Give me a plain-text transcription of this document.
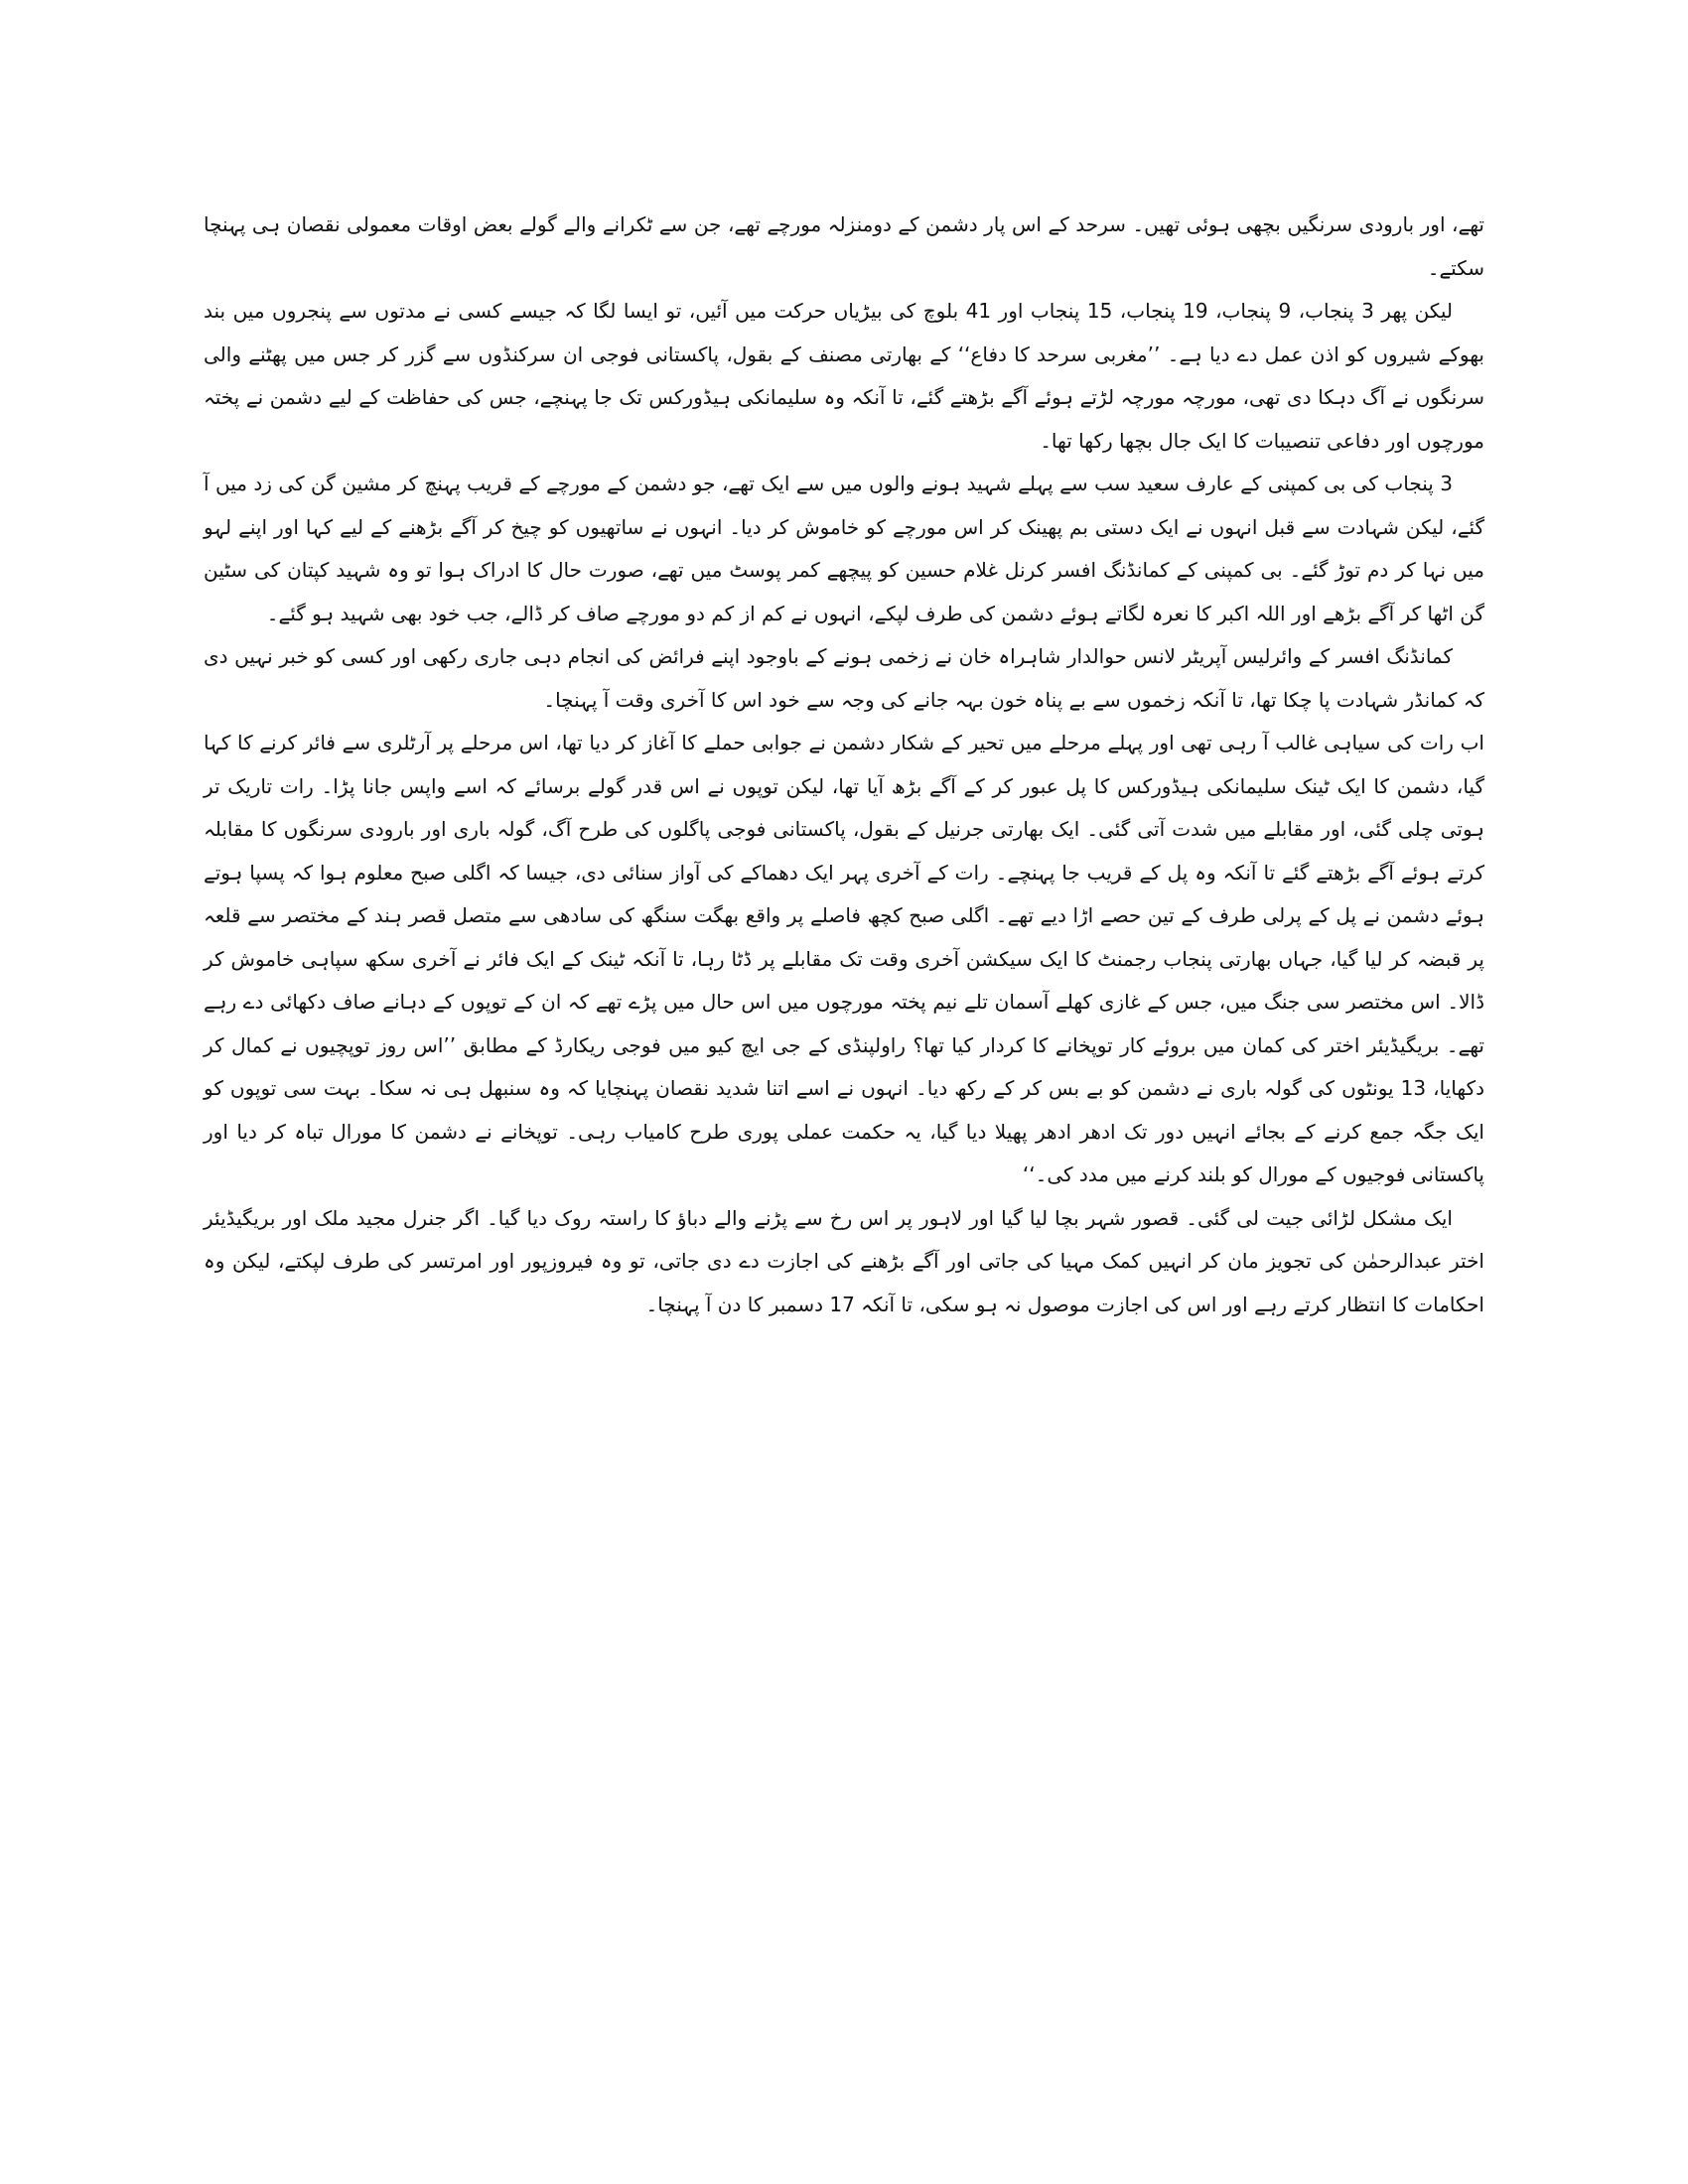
تھے، اور بارودی سرنگیں بچھی ہوئی تھیں۔ سرحد کے اس پار دشمن کے دومنزلہ مورچے تھے، جن سے ٹکرانے والے گولے بعض اوقات معمولی نقصان ہی پہنچا سکتے۔

لیکن پھر 3 پنجاب، 9 پنجاب، 19 پنجاب، 15 پنجاب اور 41 بلوچ کی بیڑیاں حرکت میں آئیں، تو ایسا لگا کہ جیسے کسی نے مدتوں سے پنجروں میں بند بھوکے شیروں کو اذن عمل دے دیا ہے۔ ’’مغربی سرحد کا دفاع‘‘ کے بھارتی مصنف کے بقول، پاکستانی فوجی ان سرکنڈوں سے گزر کر جس میں پھٹنے والی سرنگوں نے آگ دہکا دی تھی، مورچہ مورچہ لڑتے ہوئے آگے بڑھتے گئے، تا آنکہ وہ سلیمانکی ہیڈورکس تک جا پہنچے، جس کی حفاظت کے لیے دشمن نے پختہ مورچوں اور دفاعی تنصیبات کا ایک جال بچھا رکھا تھا۔

3 پنجاب کی بی کمپنی کے عارف سعید سب سے پہلے شہید ہونے والوں میں سے ایک تھے، جو دشمن کے مورچے کے قریب پہنچ کر مشین گن کی زد میں آ گئے، لیکن شہادت سے قبل انہوں نے ایک دستی بم پھینک کر اس مورچے کو خاموش کر دیا۔ انہوں نے ساتھیوں کو چیخ کر آگے بڑھنے کے لیے کہا اور اپنے لہو میں نہا کر دم توڑ گئے۔ بی کمپنی کے کمانڈنگ افسر کرنل غلام حسین کو پیچھے کمر پوسٹ میں تھے، صورت حال کا ادراک ہوا تو وہ شہید کپتان کی سٹین گن اٹھا کر آگے بڑھے اور اللہ اکبر کا نعرہ لگاتے ہوئے دشمن کی طرف لپکے، انہوں نے کم از کم دو مورچے صاف کر ڈالے، جب خود بھی شہید ہو گئے۔

کمانڈنگ افسر کے وائرلیس آپریٹر لانس حوالدار شاہراہ خان نے زخمی ہونے کے باوجود اپنے فرائض کی انجام دہی جاری رکھی اور کسی کو خبر نہیں دی کہ کمانڈر شہادت پا چکا تھا، تا آنکہ زخموں سے بے پناہ خون بہہ جانے کی وجہ سے خود اس کا آخری وقت آ پہنچا۔

اب رات کی سیاہی غالب آ رہی تھی اور پہلے مرحلے میں تحیر کے شکار دشمن نے جوابی حملے کا آغاز کر دیا تھا، اس مرحلے پر آرٹلری سے فائر کرنے کا کہا گیا، دشمن کا ایک ٹینک سلیمانکی ہیڈورکس کا پل عبور کر کے آگے بڑھ آیا تھا، لیکن توپوں نے اس قدر گولے برسائے کہ اسے واپس جانا پڑا۔ رات تاریک تر ہوتی چلی گئی، اور مقابلے میں شدت آتی گئی۔ ایک بھارتی جرنیل کے بقول، پاکستانی فوجی پاگلوں کی طرح آگ، گولہ باری اور بارودی سرنگوں کا مقابلہ کرتے ہوئے آگے بڑھتے گئے تا آنکہ وہ پل کے قریب جا پہنچے۔ رات کے آخری پہر ایک دھماکے کی آواز سنائی دی، جیسا کہ اگلی صبح معلوم ہوا کہ پسپا ہوتے ہوئے دشمن نے پل کے پرلی طرف کے تین حصے اڑا دیے تھے۔ اگلی صبح کچھ فاصلے پر واقع بھگت سنگھ کی سادھی سے متصل قصر ہند کے مختصر سے قلعہ پر قبضہ کر لیا گیا، جہاں بھارتی پنجاب رجمنٹ کا ایک سیکشن آخری وقت تک مقابلے پر ڈٹا رہا، تا آنکہ ٹینک کے ایک فائر نے آخری سکھ سپاہی خاموش کر ڈالا۔ اس مختصر سی جنگ میں، جس کے غازی کھلے آسمان تلے نیم پختہ مورچوں میں اس حال میں پڑے تھے کہ ان کے توپوں کے دہانے صاف دکھائی دے رہے تھے۔ بریگیڈیئر اختر کی کمان میں بروئے کار توپخانے کا کردار کیا تھا؟ راولپنڈی کے جی ایچ کیو میں فوجی ریکارڈ کے مطابق ’’اس روز توپچیوں نے کمال کر دکھایا، 13 یونٹوں کی گولہ باری نے دشمن کو بے بس کر کے رکھ دیا۔ انہوں نے اسے اتنا شدید نقصان پہنچایا کہ وہ سنبھل ہی نہ سکا۔ بہت سی توپوں کو ایک جگہ جمع کرنے کے بجائے انہیں دور تک ادھر ادھر پھیلا دیا گیا، یہ حکمت عملی پوری طرح کامیاب رہی۔ توپخانے نے دشمن کا مورال تباہ کر دیا اور پاکستانی فوجیوں کے مورال کو بلند کرنے میں مدد کی۔‘‘

ایک مشکل لڑائی جیت لی گئی۔ قصور شہر بچا لیا گیا اور لاہور پر اس رخ سے پڑنے والے دباؤ کا راستہ روک دیا گیا۔ اگر جنرل مجید ملک اور بریگیڈیئر اختر عبدالرحمٰن کی تجویز مان کر انہیں کمک مہیا کی جاتی اور آگے بڑھنے کی اجازت دے دی جاتی، تو وہ فیروزپور اور امرتسر کی طرف لپکتے، لیکن وہ احکامات کا انتظار کرتے رہے اور اس کی اجازت موصول نہ ہو سکی، تا آنکہ 17 دسمبر کا دن آ پہنچا۔
